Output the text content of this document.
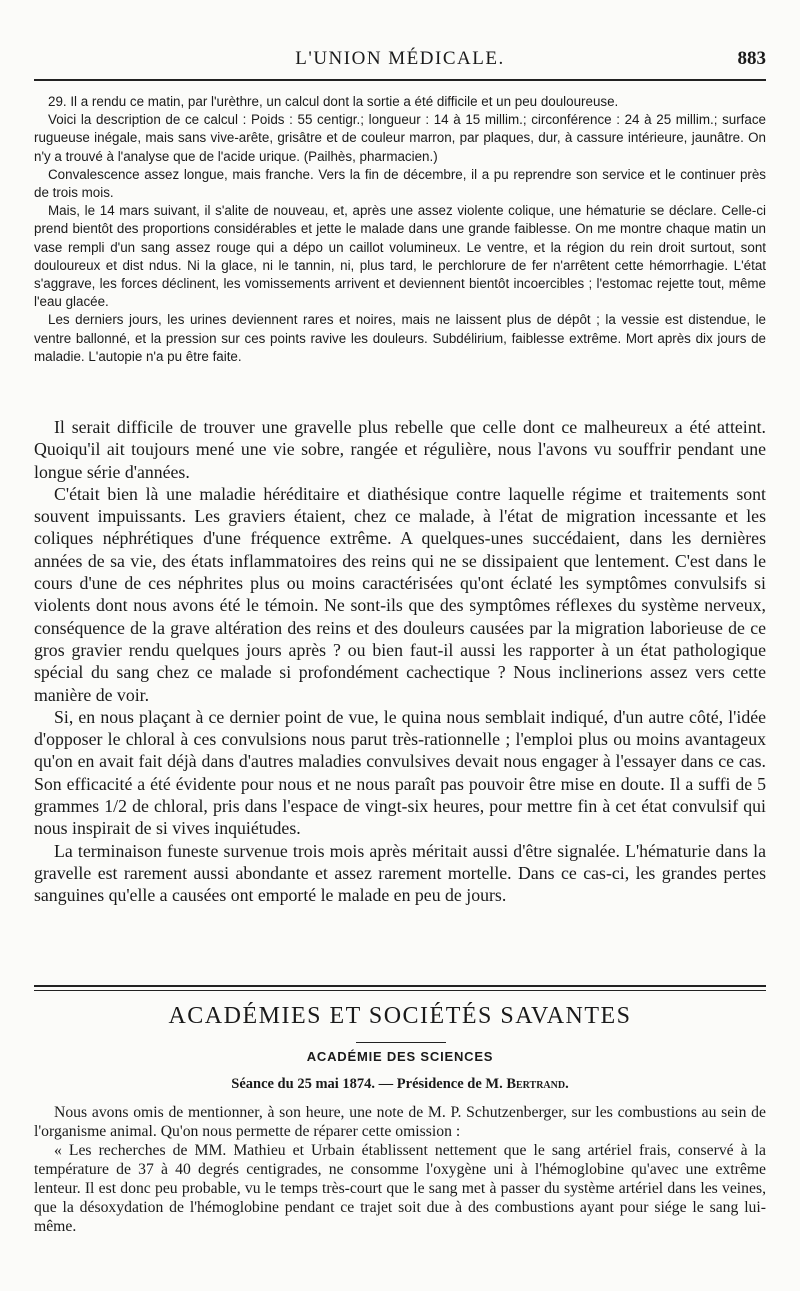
L'UNION MÉDICALE.	883

29. Il a rendu ce matin, par l'urèthre, un calcul dont la sortie a été difficile et un peu douloureuse.

Voici la description de ce calcul : Poids : 55 centigr.; longueur : 14 à 15 millim.; circonférence : 24 à 25 millim.; surface rugueuse inégale, mais sans vive-arête, grisâtre et de couleur marron, par plaques, dur, à cassure intérieure, jaunâtre. On n'y a trouvé à l'analyse que de l'acide urique. (Pailhès, pharmacien.)

Convalescence assez longue, mais franche. Vers la fin de décembre, il a pu reprendre son service et le continuer près de trois mois.

Mais, le 14 mars suivant, il s'alite de nouveau, et, après une assez violente colique, une hématurie se déclare. Celle-ci prend bientôt des proportions considérables et jette le malade dans une grande faiblesse. On me montre chaque matin un vase rempli d'un sang assez rouge qui a dépo un caillot volumineux. Le ventre, et la région du rein droit surtout, sont douloureux et dist ndus. Ni la glace, ni le tannin, ni, plus tard, le perchlorure de fer n'arrêtent cette hémorrhagie. L'état s'aggrave, les forces déclinent, les vomissements arrivent et deviennent bientôt incoercibles ; l'estomac rejette tout, même l'eau glacée.

Les derniers jours, les urines deviennent rares et noires, mais ne laissent plus de dépôt ; la vessie est distendue, le ventre ballonné, et la pression sur ces points ravive les douleurs. Subdélirium, faiblesse extrême. Mort après dix jours de maladie. L'autopie n'a pu être faite.

Il serait difficile de trouver une gravelle plus rebelle que celle dont ce malheureux a été atteint. Quoiqu'il ait toujours mené une vie sobre, rangée et régulière, nous l'avons vu souffrir pendant une longue série d'années.

C'était bien là une maladie héréditaire et diathésique contre laquelle régime et traitements sont souvent impuissants. Les graviers étaient, chez ce malade, à l'état de migration incessante et les coliques néphrétiques d'une fréquence extrême. A quelques-unes succédaient, dans les dernières années de sa vie, des états inflammatoires des reins qui ne se dissipaient que lentement. C'est dans le cours d'une de ces néphrites plus ou moins caractérisées qu'ont éclaté les symptômes convulsifs si violents dont nous avons été le témoin. Ne sont-ils que des symptômes réflexes du système nerveux, conséquence de la grave altération des reins et des douleurs causées par la migration laborieuse de ce gros gravier rendu quelques jours après ? ou bien faut-il aussi les rapporter à un état pathologique spécial du sang chez ce malade si profondément cachectique ? Nous inclinerions assez vers cette manière de voir.

Si, en nous plaçant à ce dernier point de vue, le quina nous semblait indiqué, d'un autre côté, l'idée d'opposer le chloral à ces convulsions nous parut très-rationnelle ; l'emploi plus ou moins avantageux qu'on en avait fait déjà dans d'autres maladies convulsives devait nous engager à l'essayer dans ce cas. Son efficacité a été évidente pour nous et ne nous paraît pas pouvoir être mise en doute. Il a suffi de 5 grammes 1/2 de chloral, pris dans l'espace de vingt-six heures, pour mettre fin à cet état convulsif qui nous inspirait de si vives inquiétudes.

La terminaison funeste survenue trois mois après méritait aussi d'être signalée. L'hématurie dans la gravelle est rarement aussi abondante et assez rarement mortelle. Dans ce cas-ci, les grandes pertes sanguines qu'elle a causées ont emporté le malade en peu de jours.

ACADÉMIES ET SOCIÉTÉS SAVANTES
ACADÉMIE DES SCIENCES
Séance du 25 mai 1874. — Présidence de M. Bertrand.

Nous avons omis de mentionner, à son heure, une note de M. P. Schutzenberger, sur les combustions au sein de l'organisme animal. Qu'on nous permette de réparer cette omission :

« Les recherches de MM. Mathieu et Urbain établissent nettement que le sang artériel frais, conservé à la température de 37 à 40 degrés centigrades, ne consomme l'oxygène uni à l'hémoglobine qu'avec une extrême lenteur. Il est donc peu probable, vu le temps très-court que le sang met à passer du système artériel dans les veines, que la désoxydation de l'hémoglobine pendant ce trajet soit due à des combustions ayant pour siége le sang lui-même.
